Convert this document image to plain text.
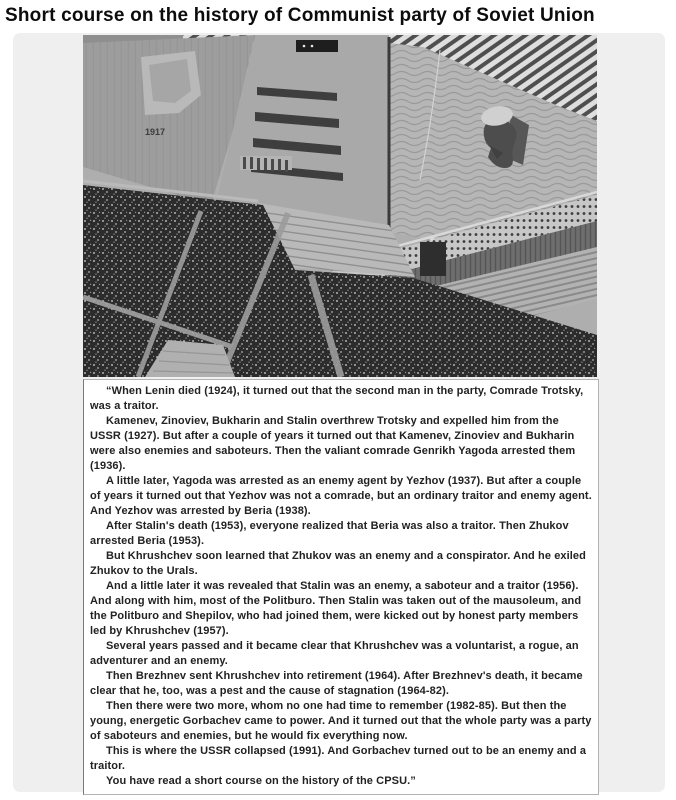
Short course on the history of Communist party of Soviet Union
1917

“When Lenin died (1924), it turned out that the second man in the party, Comrade Trotsky, was a traitor.

Kamenev, Zinoviev, Bukharin and Stalin overthrew Trotsky and expelled him from the USSR (1927). But after a couple of years it turned out that Kamenev, Zinoviev and Bukharin were also enemies and saboteurs. Then the valiant comrade Genrikh Yagoda arrested them (1936).

A little later, Yagoda was arrested as an enemy agent by Yezhov (1937). But after a couple of years it turned out that Yezhov was not a comrade, but an ordinary traitor and enemy agent. And Yezhov was arrested by Beria (1938).

After Stalin's death (1953), everyone realized that Beria was also a traitor. Then Zhukov arrested Beria (1953).

But Khrushchev soon learned that Zhukov was an enemy and a conspirator. And he exiled Zhukov to the Urals.

And a little later it was revealed that Stalin was an enemy, a saboteur and a traitor (1956). And along with him, most of the Politburo. Then Stalin was taken out of the mausoleum, and the Politburo and Shepilov, who had joined them, were kicked out by honest party members led by Khrushchev (1957).

Several years passed and it became clear that Khrushchev was a voluntarist, a rogue, an adventurer and an enemy.

Then Brezhnev sent Khrushchev into retirement (1964). After Brezhnev's death, it became clear that he, too, was a pest and the cause of stagnation (1964-82).

Then there were two more, whom no one had time to remember (1982-85). But then the young, energetic Gorbachev came to power. And it turned out that the whole party was a party of saboteurs and enemies, but he would fix everything now.

This is where the USSR collapsed (1991). And Gorbachev turned out to be an enemy and a traitor.

You have read a short course on the history of the CPSU.”
